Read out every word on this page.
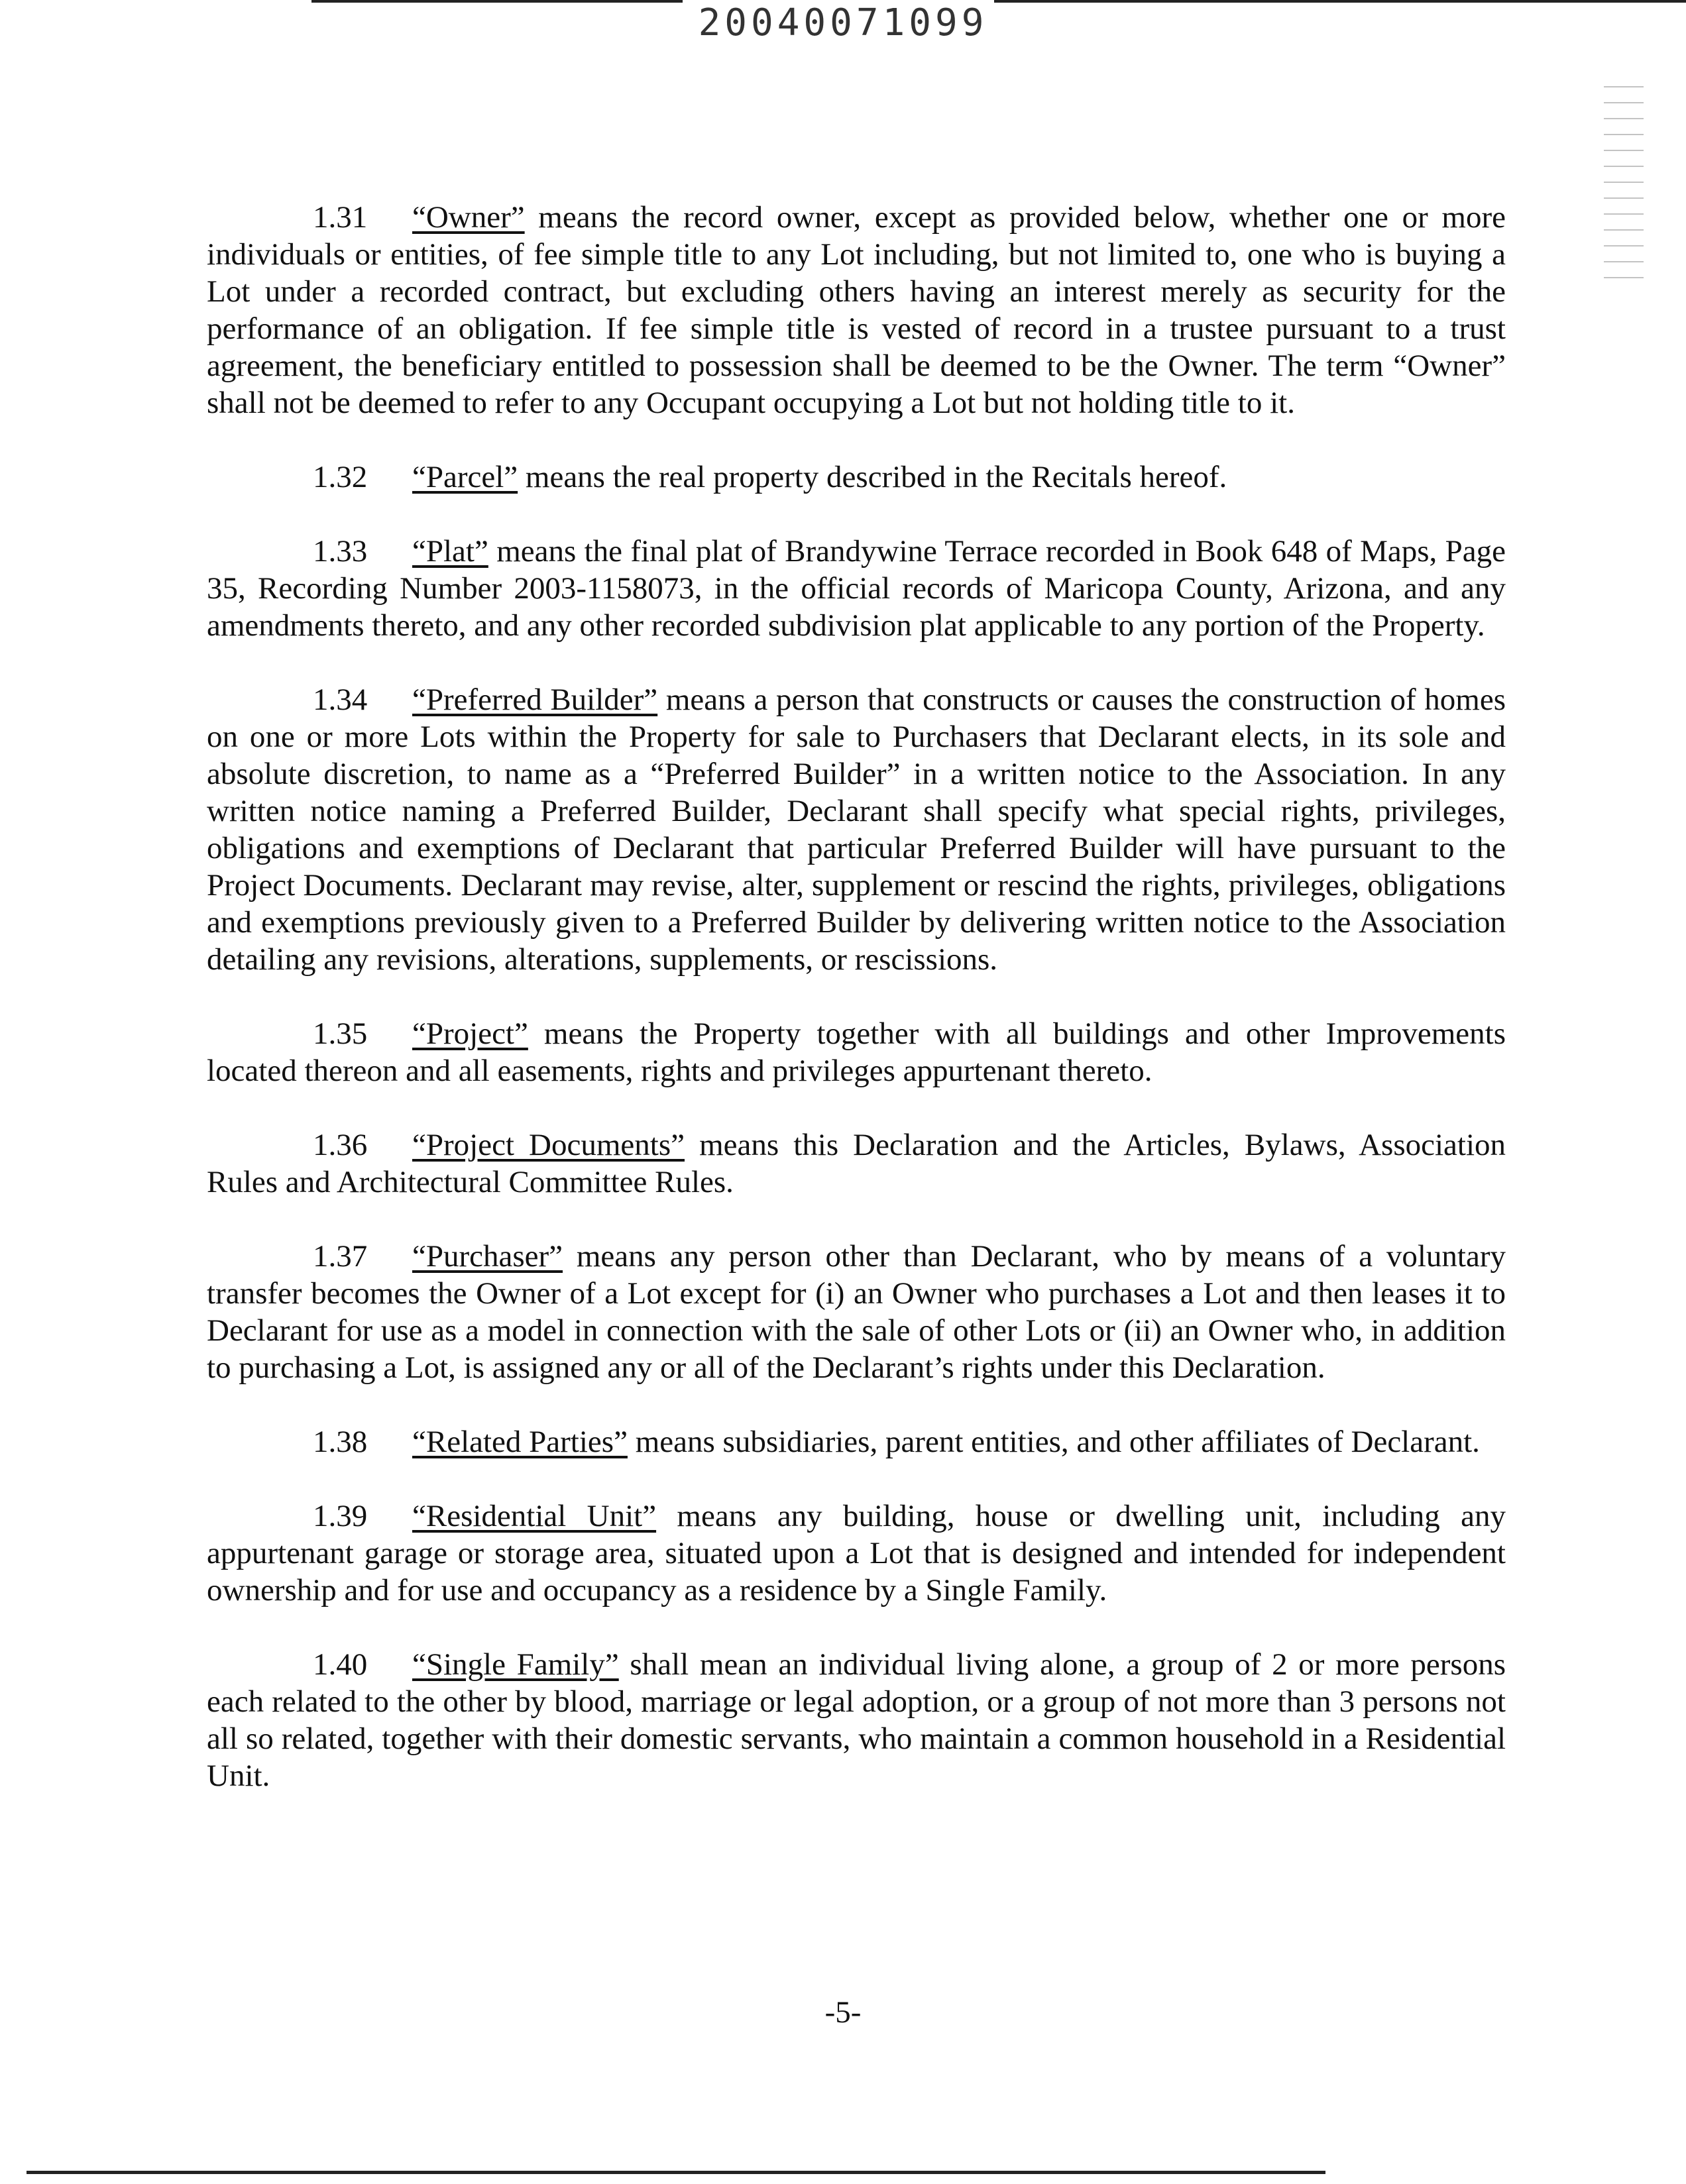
20040071099

1.31 “Owner” means the record owner, except as provided below, whether one or more individuals or entities, of fee simple title to any Lot including, but not limited to, one who is buying a Lot under a recorded contract, but excluding others having an interest merely as security for the performance of an obligation. If fee simple title is vested of record in a trustee pursuant to a trust agreement, the beneficiary entitled to possession shall be deemed to be the Owner. The term “Owner” shall not be deemed to refer to any Occupant occupying a Lot but not holding title to it.

1.32 “Parcel” means the real property described in the Recitals hereof.

1.33 “Plat” means the final plat of Brandywine Terrace recorded in Book 648 of Maps, Page 35, Recording Number 2003-1158073, in the official records of Maricopa County, Arizona, and any amendments thereto, and any other recorded subdivision plat applicable to any portion of the Property.

1.34 “Preferred Builder” means a person that constructs or causes the construction of homes on one or more Lots within the Property for sale to Purchasers that Declarant elects, in its sole and absolute discretion, to name as a “Preferred Builder” in a written notice to the Association. In any written notice naming a Preferred Builder, Declarant shall specify what special rights, privileges, obligations and exemptions of Declarant that particular Preferred Builder will have pursuant to the Project Documents. Declarant may revise, alter, supplement or rescind the rights, privileges, obligations and exemptions previously given to a Preferred Builder by delivering written notice to the Association detailing any revisions, alterations, supplements, or rescissions.

1.35 “Project” means the Property together with all buildings and other Improvements located thereon and all easements, rights and privileges appurtenant thereto.

1.36 “Project Documents” means this Declaration and the Articles, Bylaws, Association Rules and Architectural Committee Rules.

1.37 “Purchaser” means any person other than Declarant, who by means of a voluntary transfer becomes the Owner of a Lot except for (i) an Owner who purchases a Lot and then leases it to Declarant for use as a model in connection with the sale of other Lots or (ii) an Owner who, in addition to purchasing a Lot, is assigned any or all of the Declarant’s rights under this Declaration.

1.38 “Related Parties” means subsidiaries, parent entities, and other affiliates of Declarant.

1.39 “Residential Unit” means any building, house or dwelling unit, including any appurtenant garage or storage area, situated upon a Lot that is designed and intended for independent ownership and for use and occupancy as a residence by a Single Family.

1.40 “Single Family” shall mean an individual living alone, a group of 2 or more persons each related to the other by blood, marriage or legal adoption, or a group of not more than 3 persons not all so related, together with their domestic servants, who maintain a common household in a Residential Unit.

-5-
